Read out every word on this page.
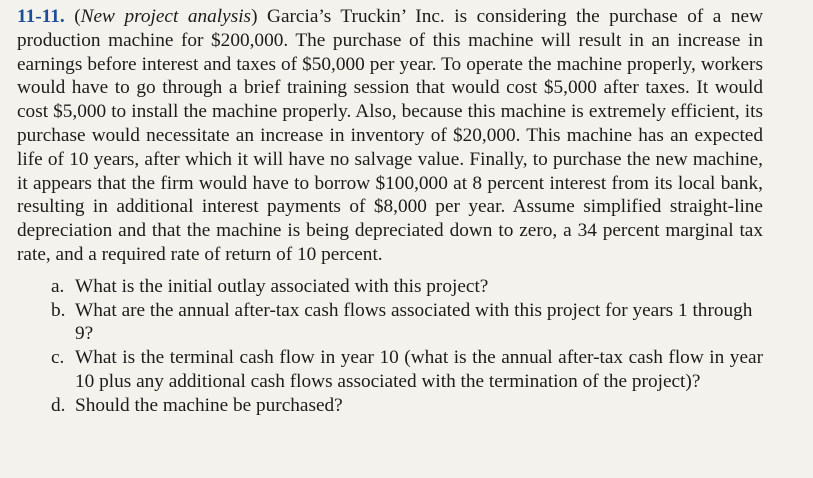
11-11. (New project analysis) Garcia’s Truckin’ Inc. is considering the purchase of a new production machine for $200,000. The purchase of this machine will result in an increase in earnings before interest and taxes of $50,000 per year. To operate the machine properly, workers would have to go through a brief training session that would cost $5,000 after taxes. It would cost $5,000 to install the machine properly. Also, because this machine is extremely efficient, its purchase would necessitate an increase in inventory of $20,000. This machine has an expected life of 10 years, after which it will have no salvage value. Finally, to purchase the new machine, it appears that the firm would have to borrow $100,000 at 8 percent interest from its local bank, resulting in additional interest payments of $8,000 per year. Assume simplified straight-line depreciation and that the machine is being depreciated down to zero, a 34 percent marginal tax rate, and a required rate of return of 10 percent.

a. What is the initial outlay associated with this project?
b. What are the annual after-tax cash flows associated with this project for years 1 through 9?
c. What is the terminal cash flow in year 10 (what is the annual after-tax cash flow in year 10 plus any additional cash flows associated with the termination of the project)?
d. Should the machine be purchased?
